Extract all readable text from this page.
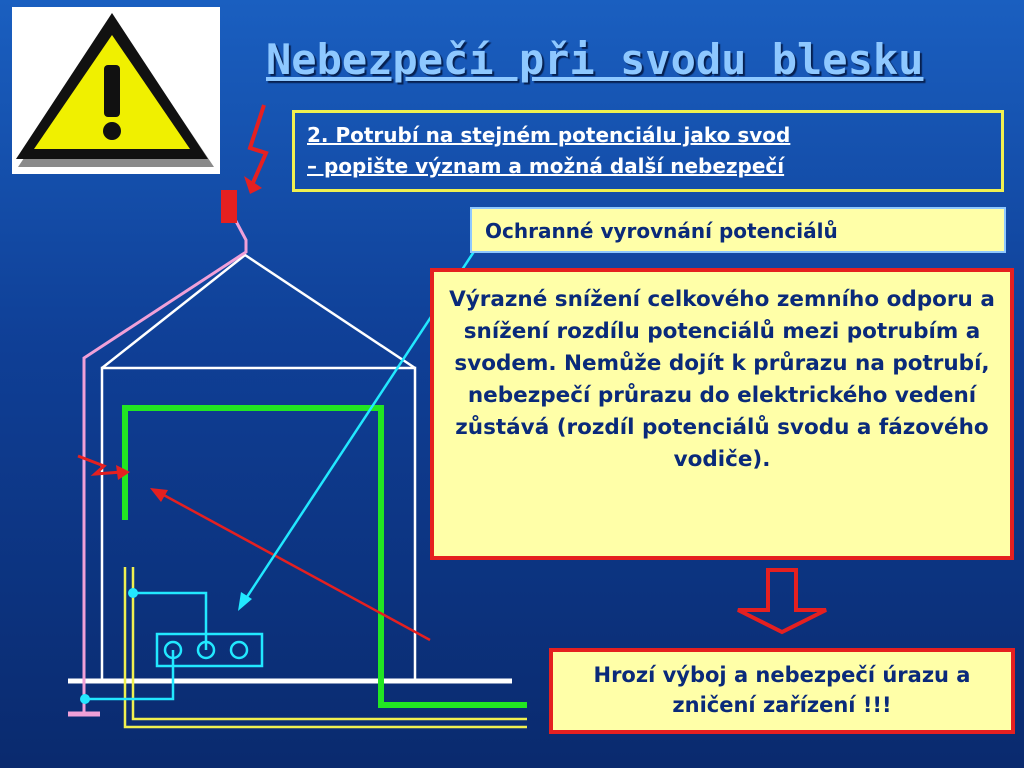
Nebezpečí při svodu blesku
2. Potrubí na stejném potenciálu jako svod
– popište význam a možná další nebezpečí
Ochranné vyrovnání potenciálů
Výrazné snížení celkového zemního odporu a snížení rozdílu potenciálů mezi potrubím a svodem. Nemůže dojít k průrazu na potrubí, nebezpečí průrazu do elektrického vedení zůstává (rozdíl potenciálů svodu a fázového vodiče).
Hrozí výboj a nebezpečí úrazu a zničení zařízení !!!
